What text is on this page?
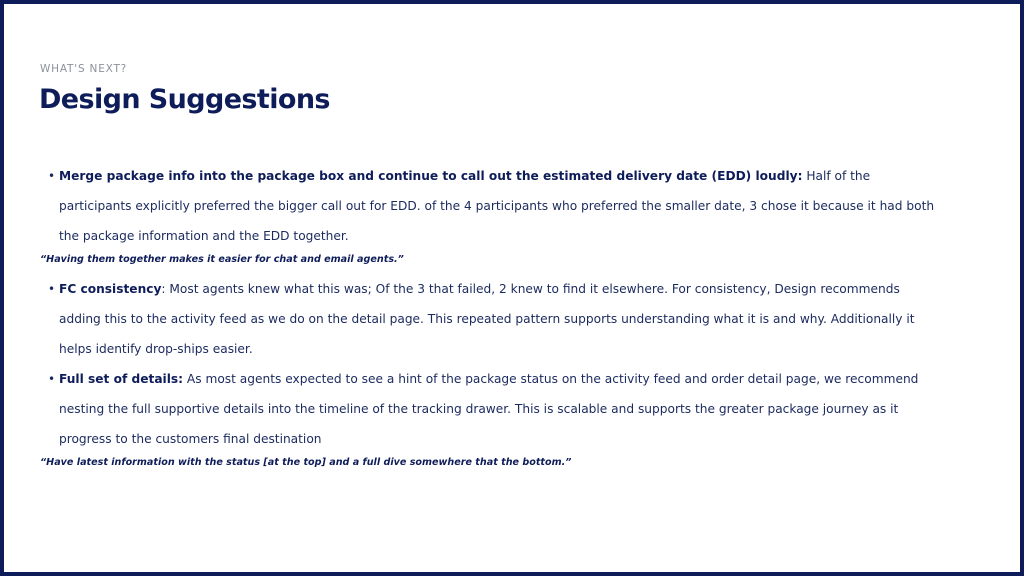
WHAT'S NEXT?
Design Suggestions
• Merge package info into the package box and continue to call out the estimated delivery date (EDD) loudly: Half of the participants explicitly preferred the bigger call out for EDD. of the 4 participants who preferred the smaller date, 3 chose it because it had both the package information and the EDD together.

“Having them together makes it easier for chat and email agents.”

• FC consistency: Most agents knew what this was; Of the 3 that failed, 2 knew to find it elsewhere. For consistency, Design recommends adding this to the activity feed as we do on the detail page. This repeated pattern supports understanding what it is and why. Additionally it helps identify drop-ships easier.
• Full set of details: As most agents expected to see a hint of the package status on the activity feed and order detail page, we recommend nesting the full supportive details into the timeline of the tracking drawer. This is scalable and supports the greater package journey as it progress to the customers final destination

“Have latest information with the status [at the top] and a full dive somewhere that the bottom.”
